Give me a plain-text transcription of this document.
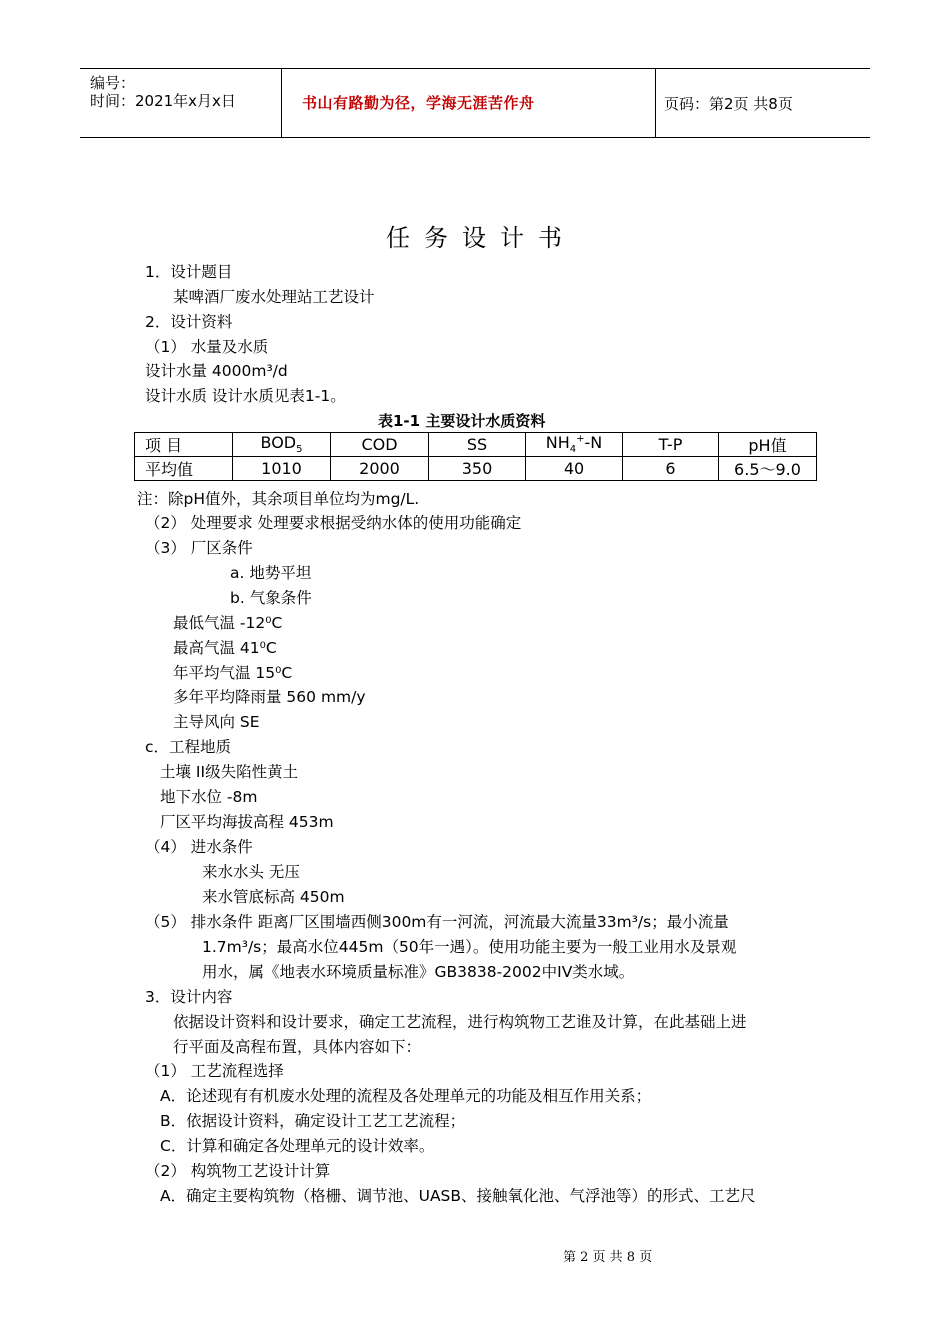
编号：
时间：2021年x月x日	书山有路勤为径，学海无涯苦作舟	页码：第2页 共8页
任务设计书
1．设计题目
某啤酒厂废水处理站工艺设计
2．设计资料
（1） 水量及水质
设计水量 4000m³/d
设计水质 设计水质见表1-1。
表1-1 主要设计水质资料
项 目	$BOD_5$	COD	SS	$NH_4^+-N$	T-P	pH值
平均值	1010	2000	350	40	6	6.5～9.0
注：除pH值外，其余项目单位均为mg/L.
（2） 处理要求 处理要求根据受纳水体的使用功能确定
（3） 厂区条件
a. 地势平坦
b. 气象条件
最低气温 -12⁰C
最高气温 41⁰C
年平均气温 15⁰C
多年平均降雨量 560 mm/y
主导风向 SE
c．工程地质
土壤 II级失陷性黄土
地下水位 -8m
厂区平均海拔高程 453m
（4） 进水条件
来水水头 无压
来水管底标高 450m
（5） 排水条件 距离厂区围墙西侧300m有一河流，河流最大流量33m³/s；最小流量
1.7m³/s；最高水位445m（50年一遇）。使用功能主要为一般工业用水及景观
用水，属《地表水环境质量标准》GB3838-2002中IV类水域。
3．设计内容
依据设计资料和设计要求，确定工艺流程，进行构筑物工艺谁及计算，在此基础上进
行平面及高程布置，具体内容如下：
（1） 工艺流程选择
A．论述现有有机废水处理的流程及各处理单元的功能及相互作用关系；
B．依据设计资料，确定设计工艺工艺流程；
C．计算和确定各处理单元的设计效率。
（2） 构筑物工艺设计计算
A．确定主要构筑物（格栅、调节池、UASB、接触氧化池、气浮池等）的形式、工艺尺
第 2 页 共 8 页
